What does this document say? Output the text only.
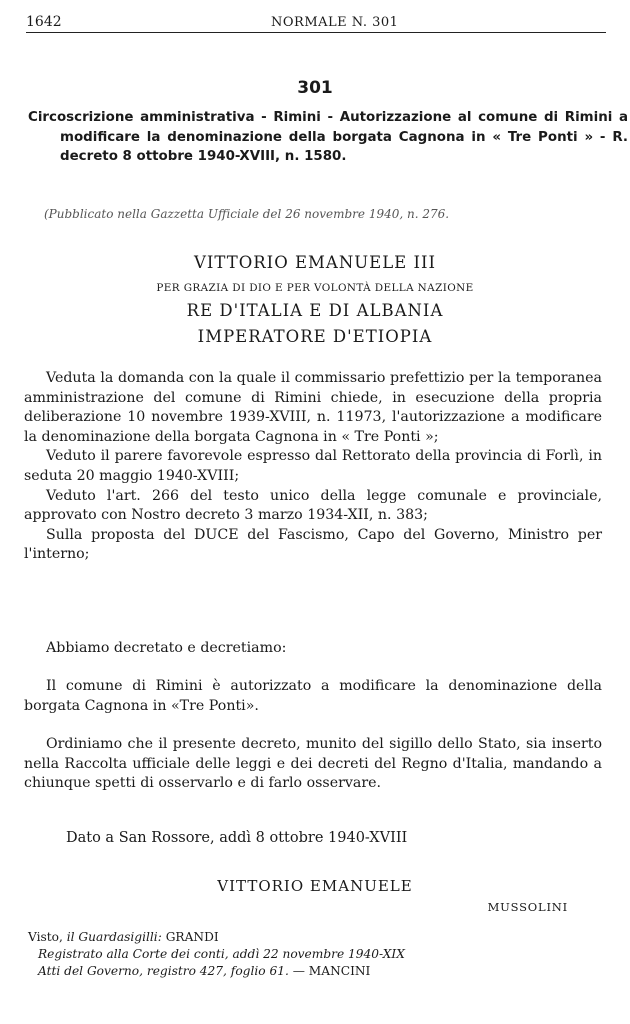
1642	NORMALE N. 301
301
Circoscrizione amministrativa - Rimini - Autorizzazione al comune di Rimini a modificare la denominazione della borgata Cagnona in « Tre Ponti » - R. decreto 8 ottobre 1940-XVIII, n. 1580.
(Pubblicato nella Gazzetta Ufficiale del 26 novembre 1940, n. 276.
VITTORIO EMANUELE III
PER GRAZIA DI DIO E PER VOLONTÀ DELLA NAZIONE
RE D'ITALIA E DI ALBANIA
IMPERATORE D'ETIOPIA

Veduta la domanda con la quale il commissario prefettizio per la temporanea amministrazione del comune di Rimini chiede, in esecuzione della propria deliberazione 10 novembre 1939-XVIII, n. 11973, l'autorizzazione a modificare la denominazione della borgata Cagnona in « Tre Ponti »;

Veduto il parere favorevole espresso dal Rettorato della provincia di Forlì, in seduta 20 maggio 1940-XVIII;

Veduto l'art. 266 del testo unico della legge comunale e provinciale, approvato con Nostro decreto 3 marzo 1934-XII, n. 383;

Sulla proposta del DUCE del Fascismo, Capo del Governo, Ministro per l'interno;

Abbiamo decretato e decretiamo:

Il comune di Rimini è autorizzato a modificare la denominazione della borgata Cagnona in «Tre Ponti».

Ordiniamo che il presente decreto, munito del sigillo dello Stato, sia inserto nella Raccolta ufficiale delle leggi e dei decreti del Regno d'Italia, mandando a chiunque spetti di osservarlo e di farlo osservare.

Dato a San Rossore, addì 8 ottobre 1940-XVIII
VITTORIO EMANUELE
MUSSOLINI
Visto, il Guardasigilli: GRANDI
Registrato alla Corte dei conti, addì 22 novembre 1940-XIX
Atti del Governo, registro 427, foglio 61. — MANCINI
